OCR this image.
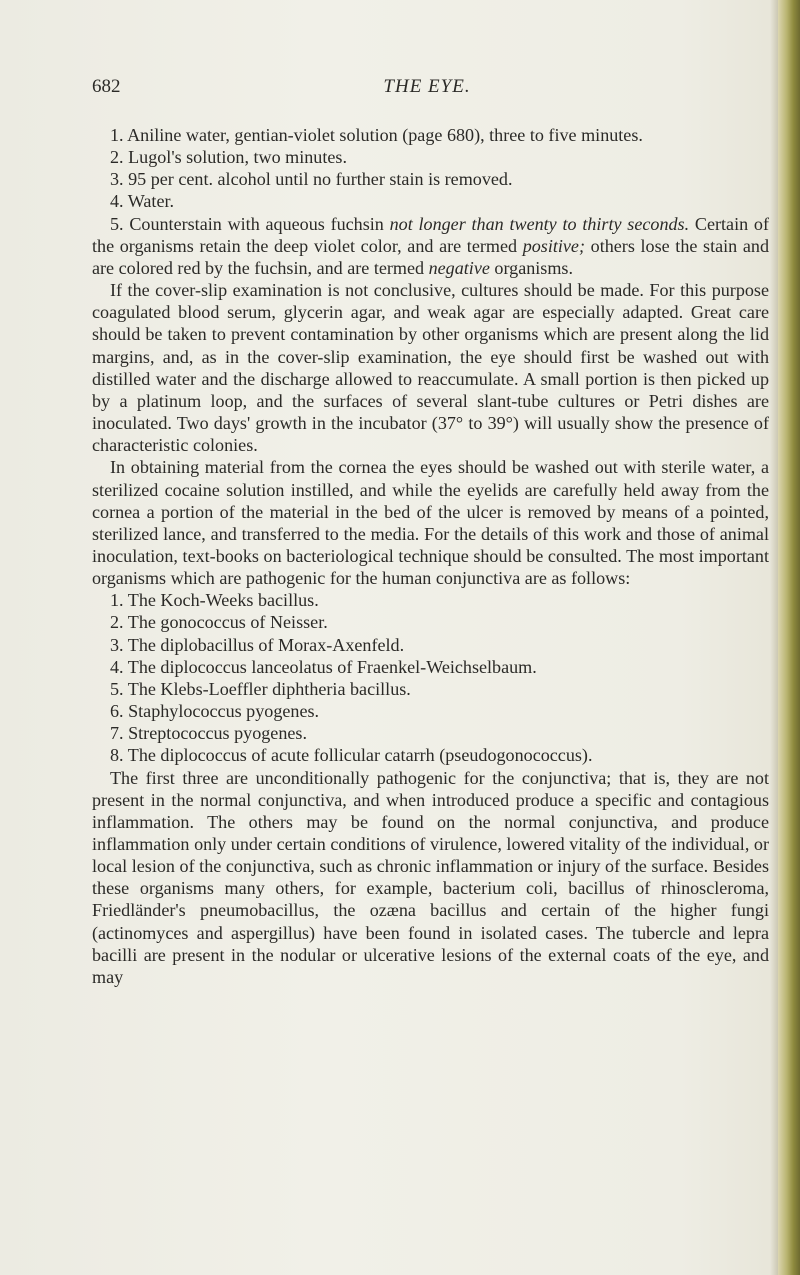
682	THE EYE.

1. Aniline water, gentian-violet solution (page 680), three to five minutes.

2. Lugol's solution, two minutes.

3. 95 per cent. alcohol until no further stain is removed.

4. Water.

5. Counterstain with aqueous fuchsin not longer than twenty to thirty seconds. Certain of the organisms retain the deep violet color, and are termed positive; others lose the stain and are colored red by the fuchsin, and are termed negative organisms.

If the cover-slip examination is not conclusive, cultures should be made. For this purpose coagulated blood serum, glycerin agar, and weak agar are especially adapted. Great care should be taken to prevent contamination by other organisms which are present along the lid margins, and, as in the cover-slip examination, the eye should first be washed out with distilled water and the discharge allowed to reaccumulate. A small portion is then picked up by a platinum loop, and the surfaces of several slant-tube cultures or Petri dishes are inoculated. Two days' growth in the incubator (37° to 39°) will usually show the presence of characteristic colonies.

In obtaining material from the cornea the eyes should be washed out with sterile water, a sterilized cocaine solution instilled, and while the eyelids are carefully held away from the cornea a portion of the material in the bed of the ulcer is removed by means of a pointed, sterilized lance, and transferred to the media. For the details of this work and those of animal inoculation, text-books on bacteriological technique should be consulted. The most important organisms which are pathogenic for the human conjunctiva are as follows:

1. The Koch-Weeks bacillus.

2. The gonococcus of Neisser.

3. The diplobacillus of Morax-Axenfeld.

4. The diplococcus lanceolatus of Fraenkel-Weichselbaum.

5. The Klebs-Loeffler diphtheria bacillus.

6. Staphylococcus pyogenes.

7. Streptococcus pyogenes.

8. The diplococcus of acute follicular catarrh (pseudogonococcus).

The first three are unconditionally pathogenic for the conjunctiva; that is, they are not present in the normal conjunctiva, and when introduced produce a specific and contagious inflammation. The others may be found on the normal conjunctiva, and produce inflammation only under certain conditions of virulence, lowered vitality of the individual, or local lesion of the conjunctiva, such as chronic inflammation or injury of the surface. Besides these organisms many others, for example, bacterium coli, bacillus of rhinoscleroma, Friedländer's pneumobacillus, the ozæna bacillus and certain of the higher fungi (actinomyces and aspergillus) have been found in isolated cases. The tubercle and lepra bacilli are present in the nodular or ulcerative lesions of the external coats of the eye, and may
